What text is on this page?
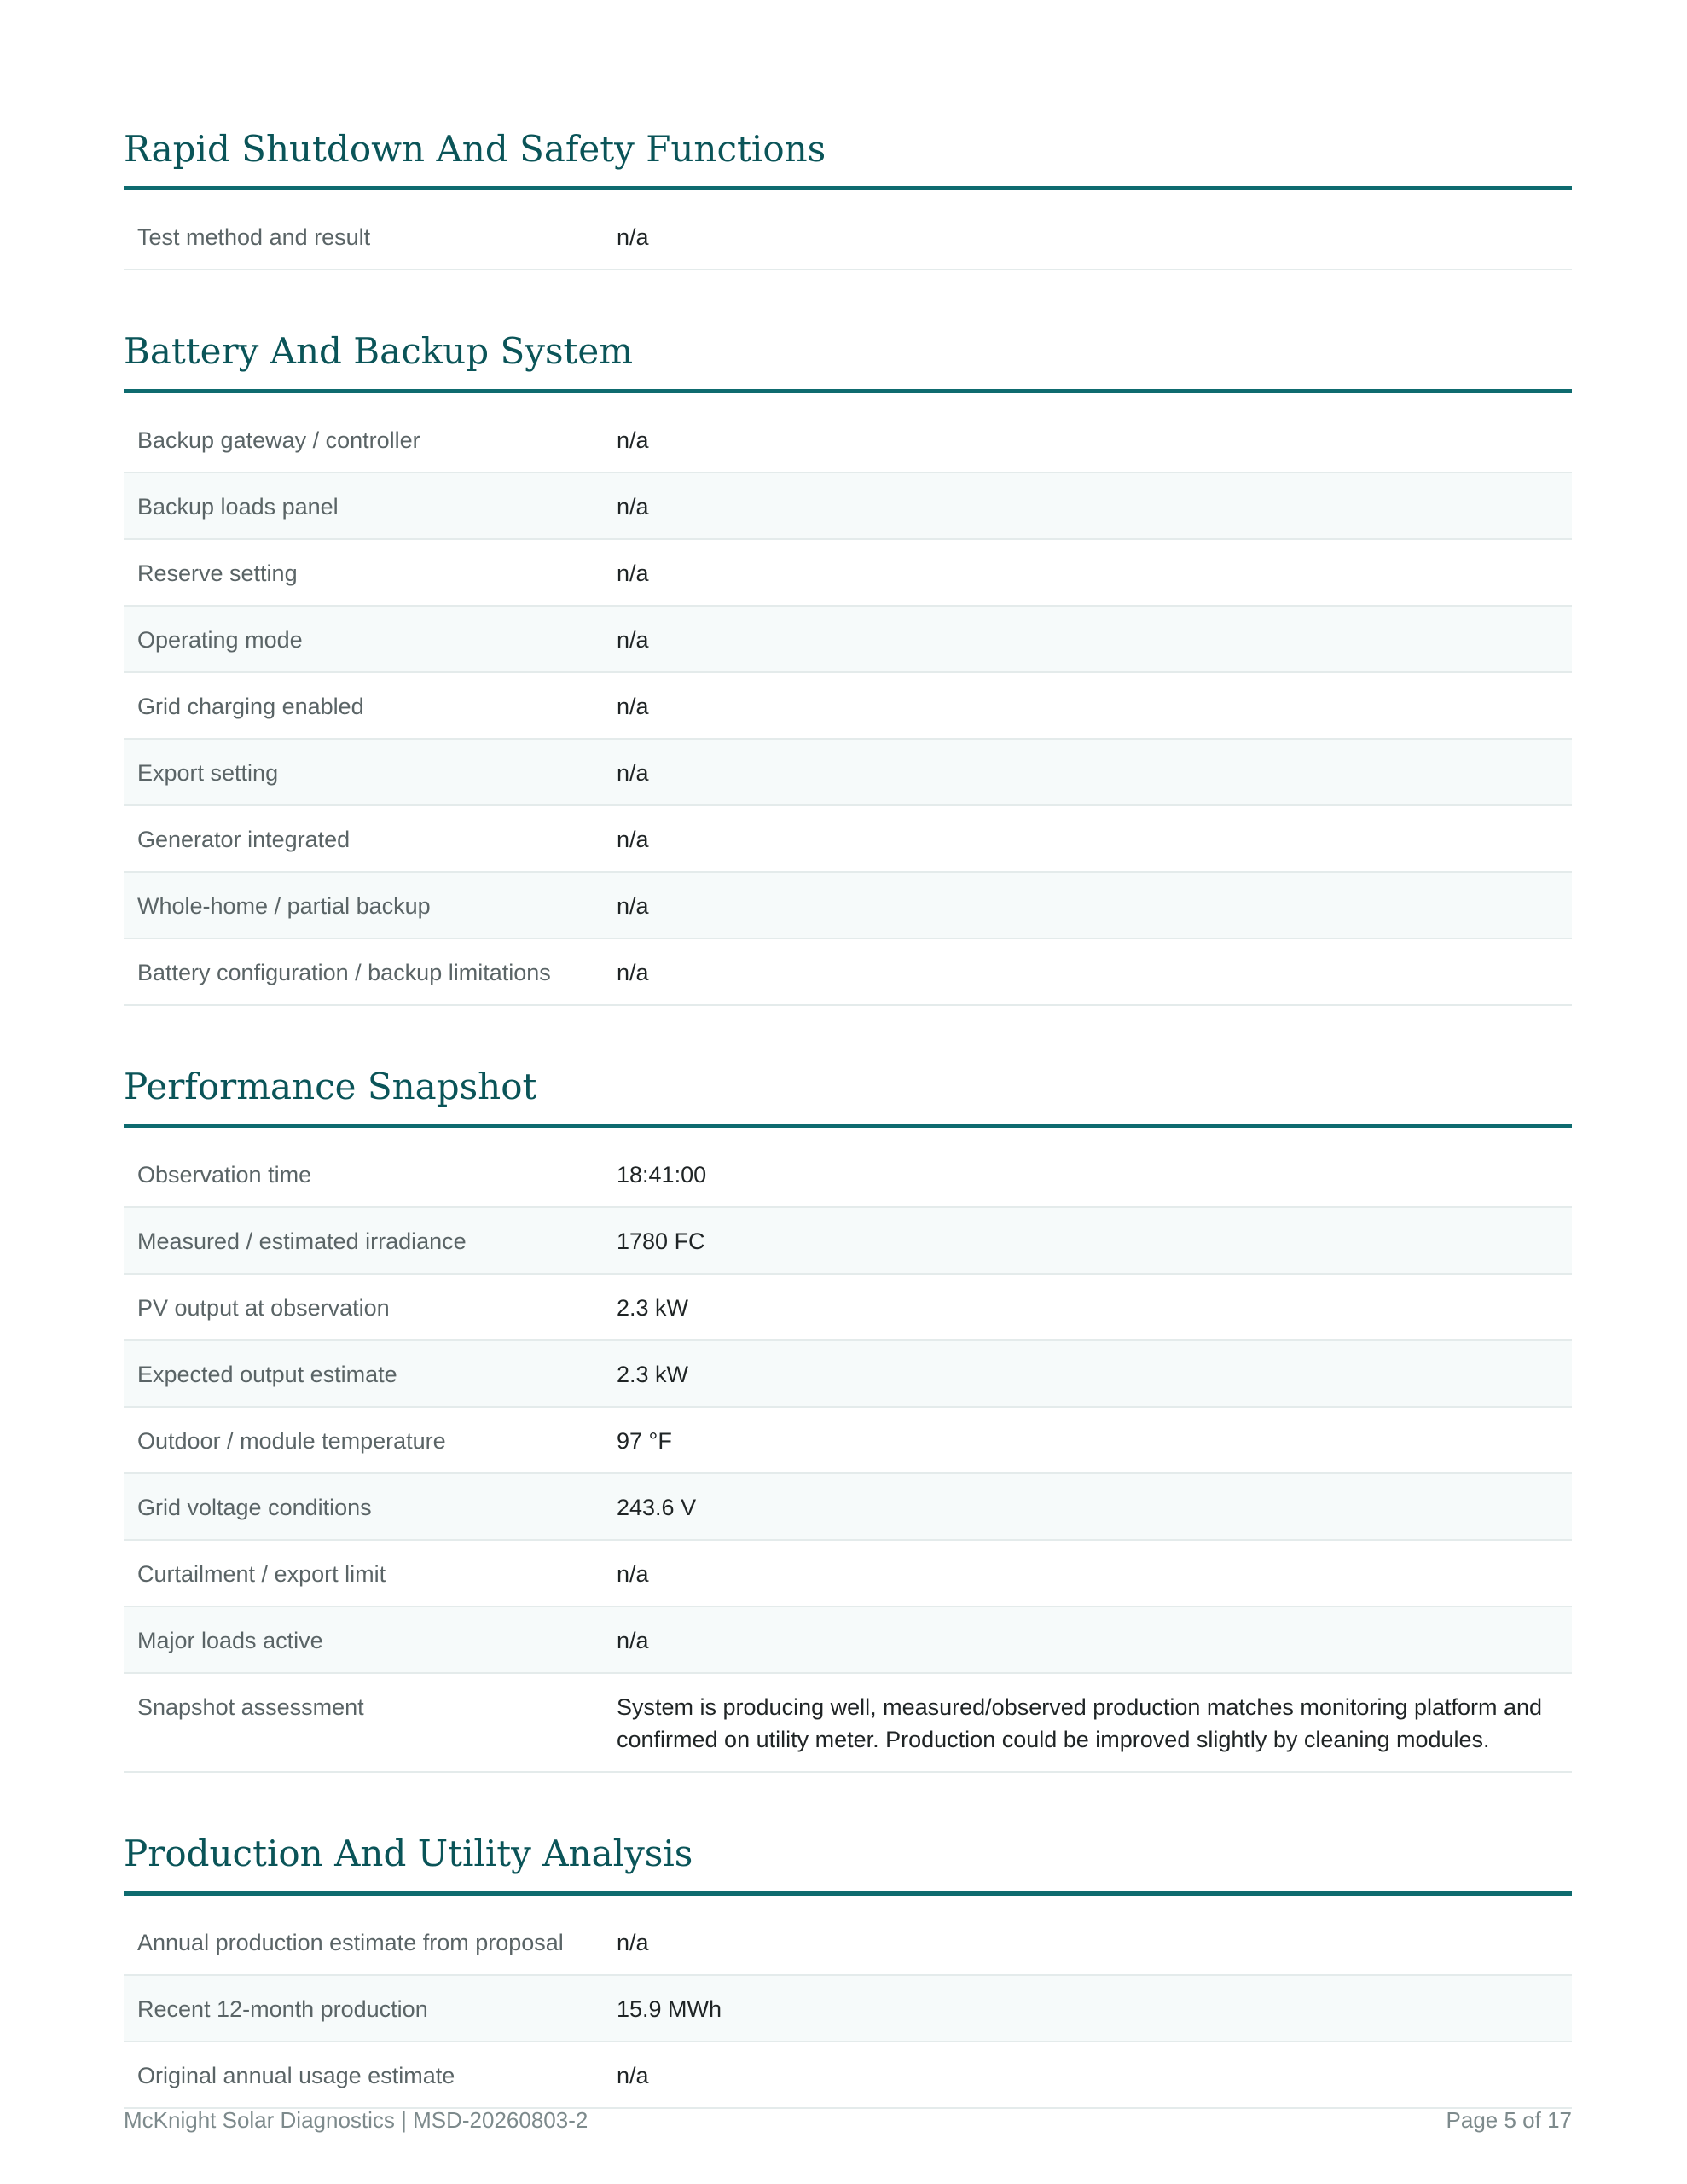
Rapid Shutdown And Safety Functions
Test method and result	n/a
Battery And Backup System
Backup gateway / controller	n/a
Backup loads panel	n/a
Reserve setting	n/a
Operating mode	n/a
Grid charging enabled	n/a
Export setting	n/a
Generator integrated	n/a
Whole-home / partial backup	n/a
Battery configuration / backup limitations	n/a
Performance Snapshot
Observation time	18:41:00
Measured / estimated irradiance	1780 FC
PV output at observation	2.3 kW
Expected output estimate	2.3 kW
Outdoor / module temperature	97 °F
Grid voltage conditions	243.6 V
Curtailment / export limit	n/a
Major loads active	n/a
Snapshot assessment	System is producing well, measured/observed production matches monitoring platform and confirmed on utility meter. Production could be improved slightly by cleaning modules.
Production And Utility Analysis
Annual production estimate from proposal	n/a
Recent 12-month production	15.9 MWh
Original annual usage estimate	n/a
McKnight Solar Diagnostics | MSD-20260803-2	Page 5 of 17
